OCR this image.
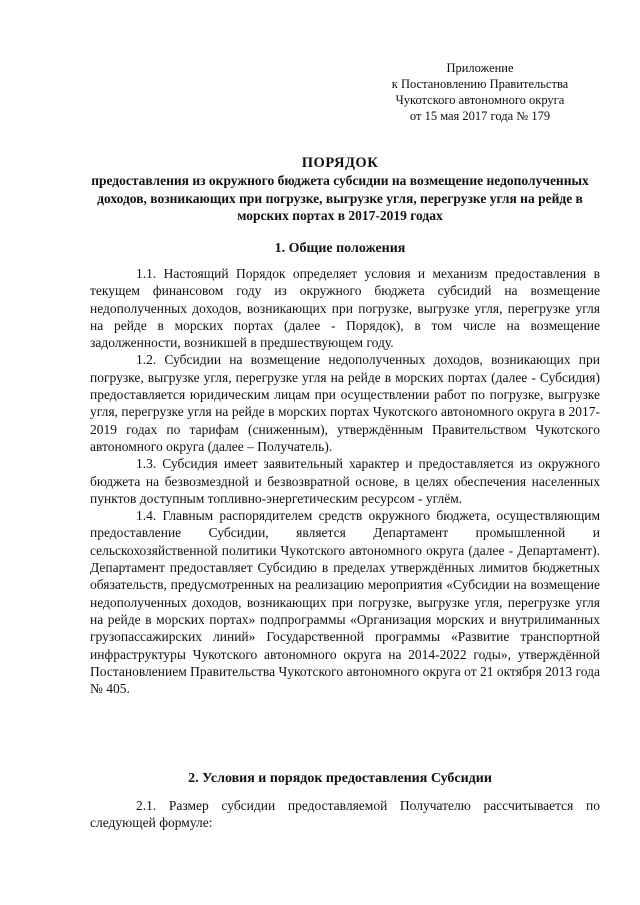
Приложение
к Постановлению Правительства
Чукотского автономного округа
от 15 мая 2017 года № 179
ПОРЯДОК
предоставления из окружного бюджета субсидии на возмещение недополученных доходов, возникающих при погрузке, выгрузке угля, перегрузке угля на рейде в морских портах в 2017-2019 годах
1. Общие положения

1.1. Настоящий Порядок определяет условия и механизм предоставления в текущем финансовом году из окружного бюджета субсидий на возмещение недополученных доходов, возникающих при погрузке, выгрузке угля, перегрузке угля на рейде в морских портах (далее - Порядок), в том числе на возмещение задолженности, возникшей в предшествующем году.

1.2. Субсидии на возмещение недополученных доходов, возникающих при погрузке, выгрузке угля, перегрузке угля на рейде в морских портах (далее - Субсидия) предоставляется юридическим лицам при осуществлении работ по погрузке, выгрузке угля, перегрузке угля на рейде в морских портах Чукотского автономного округа в 2017-2019 годах по тарифам (сниженным), утверждённым Правительством Чукотского автономного округа (далее – Получатель).

1.3. Субсидия имеет заявительный характер и предоставляется из окружного бюджета на безвозмездной и безвозвратной основе, в целях обеспечения населенных пунктов доступным топливно-энергетическим ресурсом - углём.

1.4. Главным распорядителем средств окружного бюджета, осуществляющим предоставление Субсидии, является Департамент промышленной и сельскохозяйственной политики Чукотского автономного округа (далее - Департамент). Департамент предоставляет Субсидию в пределах утверждённых лимитов бюджетных обязательств, предусмотренных на реализацию мероприятия «Субсидии на возмещение недополученных доходов, возникающих при погрузке, выгрузке угля, перегрузке угля на рейде в морских портах» подпрограммы «Организация морских и внутрилиманных грузопассажирских линий» Государственной программы «Развитие транспортной инфраструктуры Чукотского автономного округа на 2014-2022 годы», утверждённой Постановлением Правительства Чукотского автономного округа от 21 октября 2013 года № 405.

2. Условия и порядок предоставления Субсидии

2.1. Размер субсидии предоставляемой Получателю рассчитывается по следующей формуле:
